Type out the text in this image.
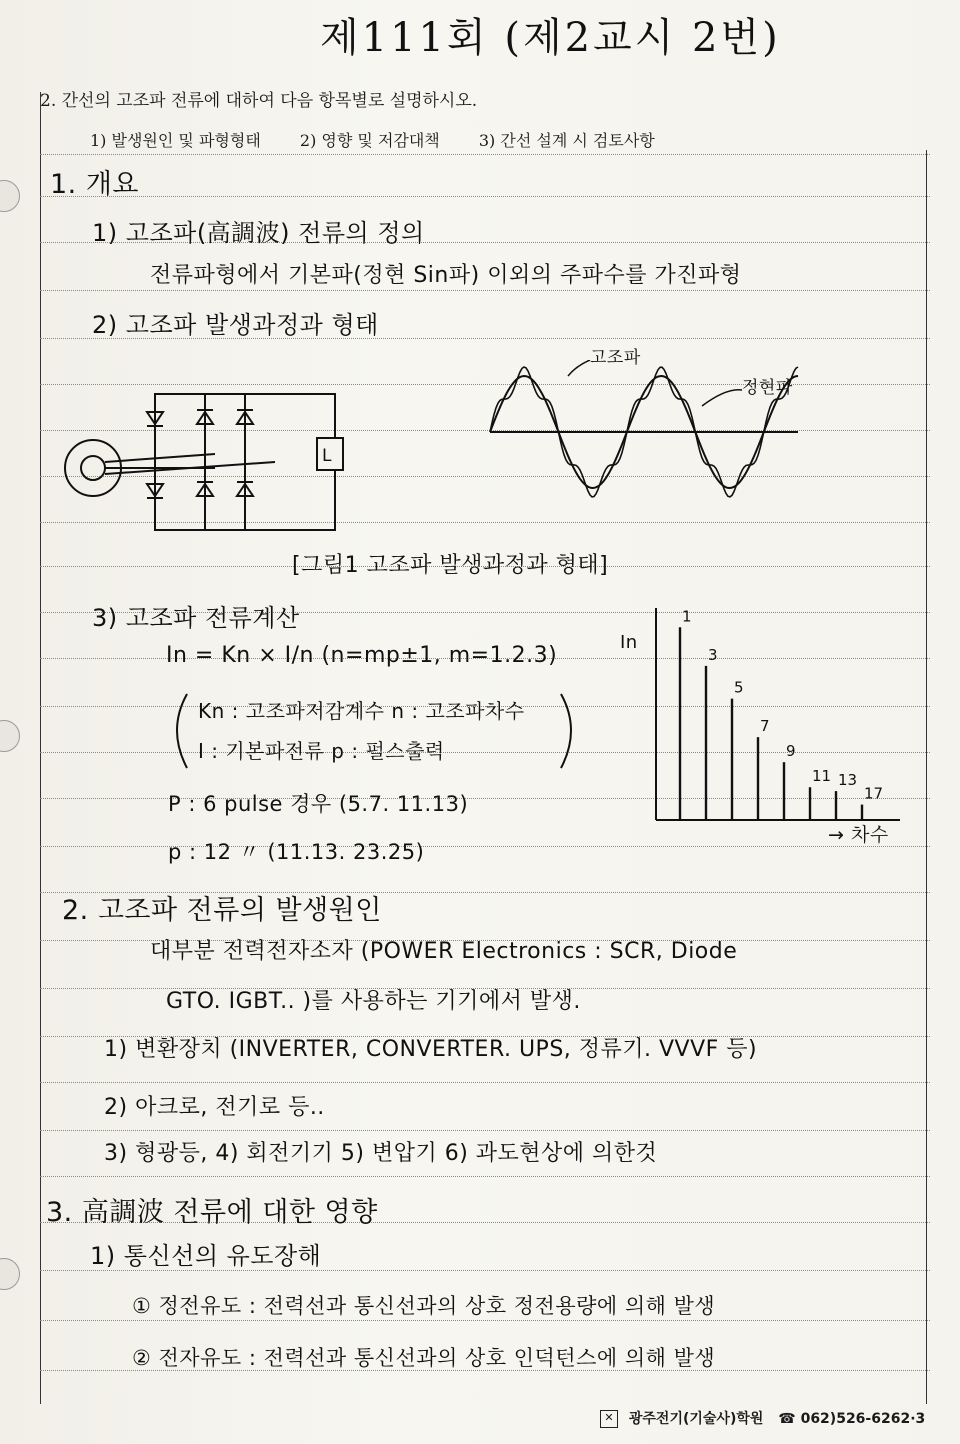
제111회 (제2교시 2번)
2. 간선의 고조파 전류에 대하여 다음 항목별로 설명하시오.
1) 발생원인 및 파형형태 2) 영향 및 저감대책 3) 간선 설계 시 검토사항
1. 개요
1) 고조파(高調波) 전류의 정의
전류파형에서 기본파(정현 Sin파) 이외의 주파수를 가진파형
2) 고조파 발생과정과 형태
L
고조파
정현파
[그림1 고조파 발생과정과 형태]
3) 고조파 전류계산
In = Kn × I/n (n=mp±1, m=1.2.3)
Kn : 고조파저감계수 n : 고조파차수
I : 기본파전류 p : 펄스출력
P : 6 pulse 경우 (5.7. 11.13)
p : 12 〃 (11.13. 23.25)
1
3
5
7
9
11 13
17
In
→ 차수
2. 고조파 전류의 발생원인
대부분 전력전자소자 (POWER Electronics : SCR, Diode
GTO. IGBT.. )를 사용하는 기기에서 발생.
1) 변환장치 (INVERTER, CONVERTER. UPS, 정류기. VVVF 등)
2) 아크로, 전기로 등..
3) 형광등, 4) 회전기기 5) 변압기 6) 과도현상에 의한것
3. 高調波 전류에 대한 영향
1) 통신선의 유도장해
① 정전유도 : 전력선과 통신선과의 상호 정전용량에 의해 발생
② 전자유도 : 전력선과 통신선과의 상호 인덕턴스에 의해 발생
✕ 광주전기(기술사)학원 ☎ 062)526-6262·3
